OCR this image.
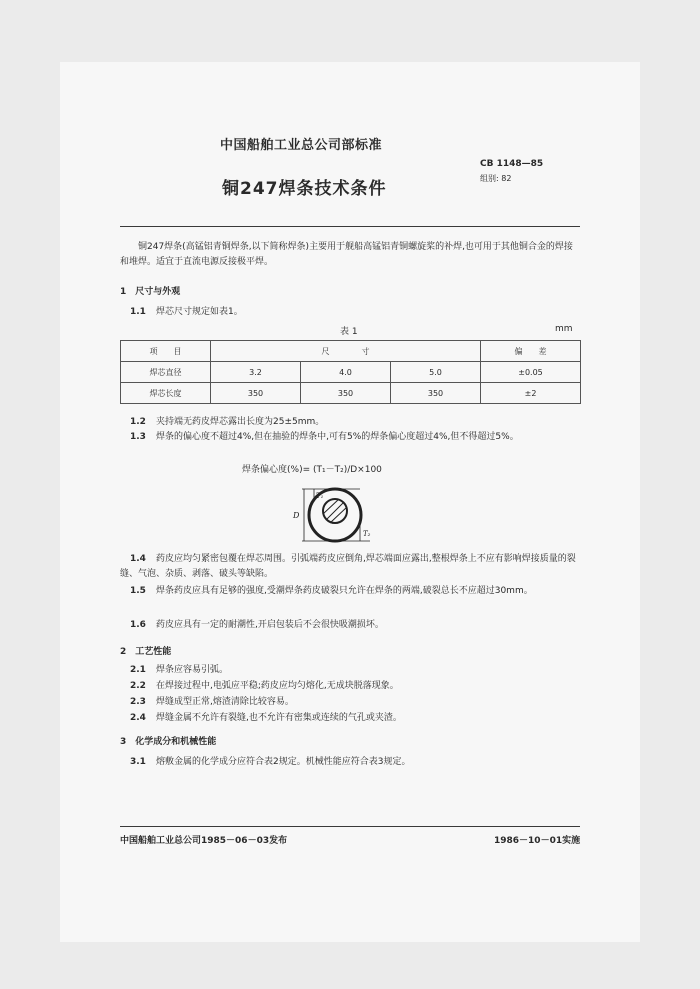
中国船舶工业总公司部标准
CB 1148—85
组别: 82
铜247焊条技术条件
铜247焊条(高锰铝青铜焊条,以下简称焊条)主要用于舰船高锰铝青铜螺旋桨的补焊,也可用于其他铜合金的焊接和堆焊。适宜于直流电源反接极平焊。
1　尺寸与外观
1.1 焊芯尺寸规定如表1。
表 1	mm
项　　目	尺　　　　寸			偏　　差
焊芯直径	3.2	4.0	5.0	±0.05
焊芯长度	350	350	350	±2
1.2 夹持端无药皮焊芯露出长度为25±5mm。
1.3 焊条的偏心度不超过4%,但在抽验的焊条中,可有5%的焊条偏心度超过4%,但不得超过5%。
焊条偏心度(%)= (T₁－T₂)/D×100
D
T₁
T₂
1.4 药皮应均匀紧密包覆在焊芯周围。引弧端药皮应倒角,焊芯端面应露出,整根焊条上不应有影响焊接质量的裂缝、气泡、杂质、剥落、破头等缺陷。
1.5 焊条药皮应具有足够的强度,受潮焊条药皮破裂只允许在焊条的两端,破裂总长不应超过30mm。
1.6 药皮应具有一定的耐潮性,开启包装后不会很快吸潮损坏。
2　工艺性能
2.1 焊条应容易引弧。
2.2 在焊接过程中,电弧应平稳;药皮应均匀熔化,无成块脱落现象。
2.3 焊缝成型正常,熔渣清除比较容易。
2.4 焊缝金属不允许有裂缝,也不允许有密集或连续的气孔或夹渣。
3　化学成分和机械性能
3.1 熔敷金属的化学成分应符合表2规定。机械性能应符合表3规定。
中国船舶工业总公司1985－06－03发布	1986－10－01实施
